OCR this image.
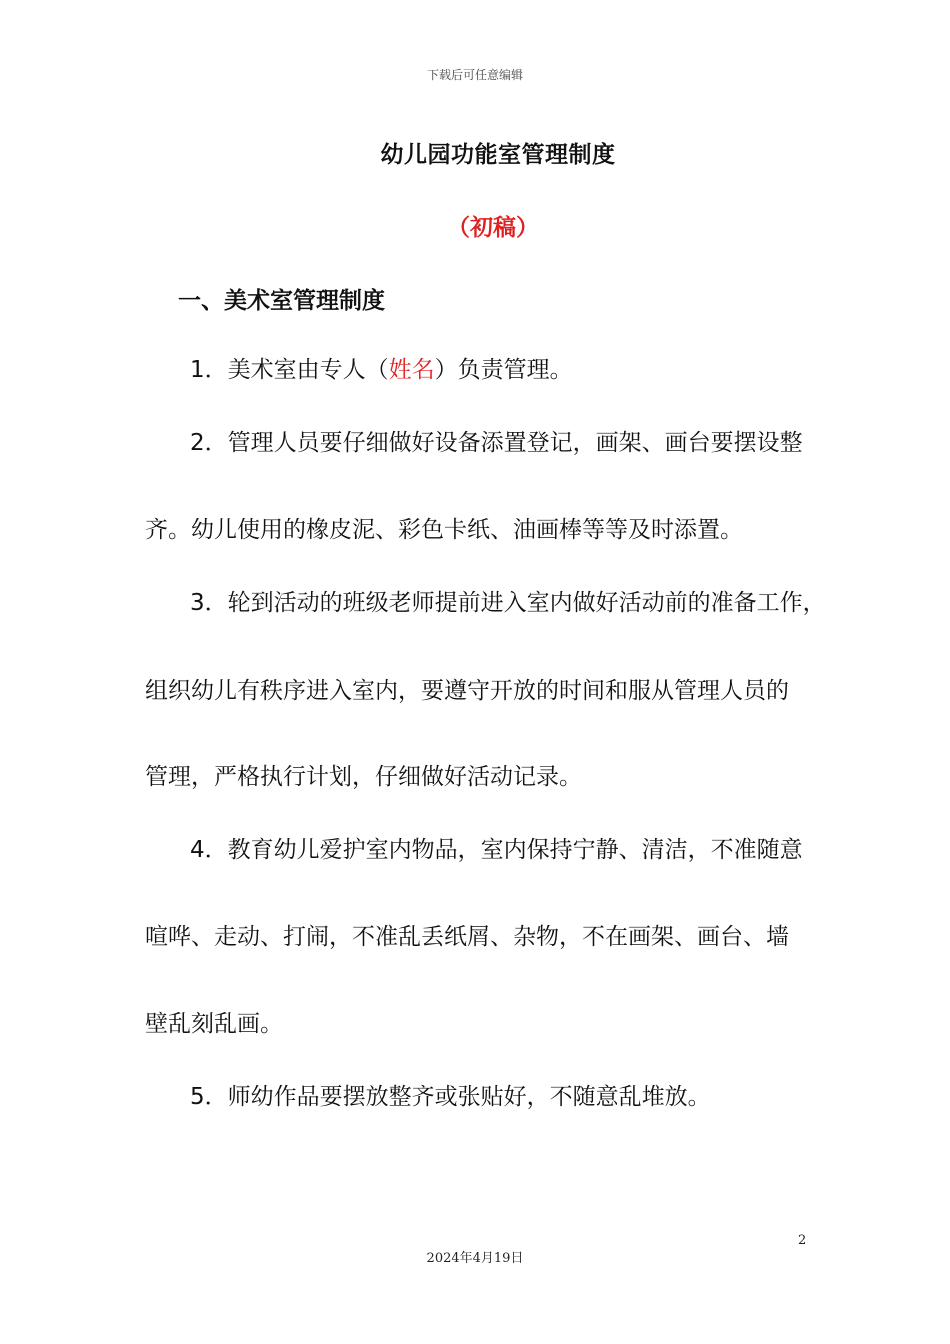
下载后可任意编辑
幼儿园功能室管理制度
（初稿）
一、美术室管理制度
1．美术室由专人（姓名）负责管理。
2．管理人员要仔细做好设备添置登记，画架、画台要摆设整
齐。幼儿使用的橡皮泥、彩色卡纸、油画棒等等及时添置。
3．轮到活动的班级老师提前进入室内做好活动前的准备工作，
组织幼儿有秩序进入室内，要遵守开放的时间和服从管理人员的
管理，严格执行计划，仔细做好活动记录。
4．教育幼儿爱护室内物品，室内保持宁静、清洁，不准随意
喧哗、走动、打闹，不准乱丢纸屑、杂物，不在画架、画台、墙
壁乱刻乱画。
5．师幼作品要摆放整齐或张贴好，不随意乱堆放。
2
2024年4月19日
